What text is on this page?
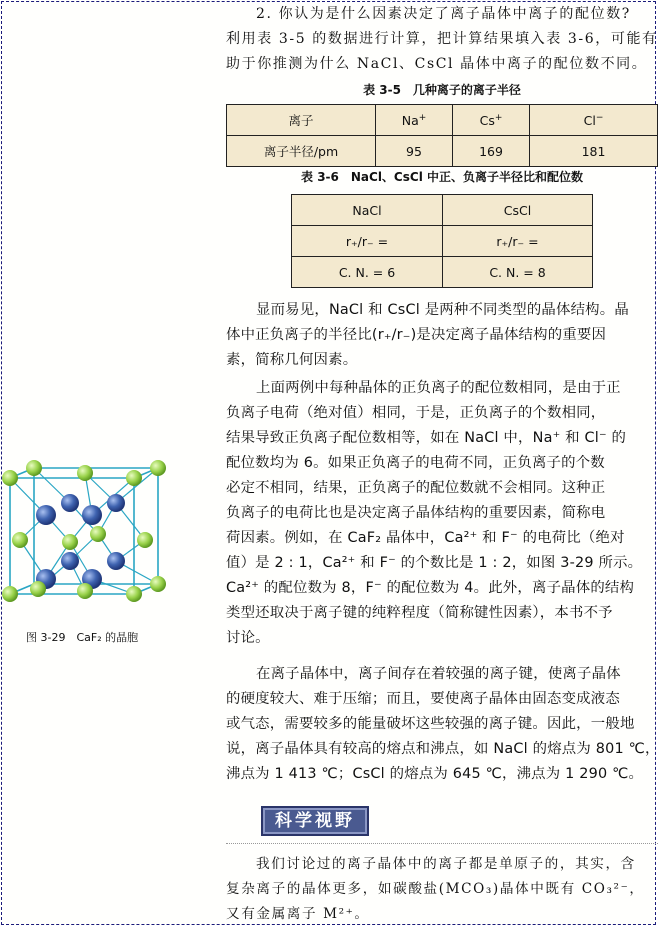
2. 你认为是什么因素决定了离子晶体中离子的配位数?
利用表 3-5 的数据进行计算，把计算结果填入表 3-6，可能有
助于你推测为什么 NaCl、CsCl 晶体中离子的配位数不同。
表 3-5　几种离子的离子半径
离子	Na+	Cs+	Cl−
离子半径/pm	95	169	181
表 3-6　NaCl、CsCl 中正、负离子半径比和配位数
NaCl	CsCl
r₊/r₋ =	r₊/r₋ =
C. N. = 6	C. N. = 8
显而易见，NaCl 和 CsCl 是两种不同类型的晶体结构。晶
体中正负离子的半径比(r₊/r₋)是决定离子晶体结构的重要因
素，简称几何因素。
上面两例中每种晶体的正负离子的配位数相同，是由于正
负离子电荷（绝对值）相同，于是，正负离子的个数相同，
结果导致正负离子配位数相等，如在 NaCl 中，Na⁺ 和 Cl⁻ 的
配位数均为 6。如果正负离子的电荷不同，正负离子的个数
必定不相同，结果，正负离子的配位数就不会相同。这种正
负离子的电荷比也是决定离子晶体结构的重要因素，简称电
荷因素。例如，在 CaF₂ 晶体中，Ca²⁺ 和 F⁻ 的电荷比（绝对
值）是 2 : 1，Ca²⁺ 和 F⁻ 的个数比是 1 : 2，如图 3-29 所示。
Ca²⁺ 的配位数为 8，F⁻ 的配位数为 4。此外，离子晶体的结构
类型还取决于离子键的纯粹程度（简称键性因素），本书不予
讨论。
在离子晶体中，离子间存在着较强的离子键，使离子晶体
的硬度较大、难于压缩；而且，要使离子晶体由固态变成液态
或气态，需要较多的能量破坏这些较强的离子键。因此，一般地
说，离子晶体具有较高的熔点和沸点，如 NaCl 的熔点为 801 ℃，
沸点为 1 413 ℃；CsCl 的熔点为 645 ℃，沸点为 1 290 ℃。
图 3-29　CaF₂ 的晶胞
科学视野
我们讨论过的离子晶体中的离子都是单原子的，其实，含
复杂离子的晶体更多，如碳酸盐(MCO₃)晶体中既有 CO₃²⁻，
又有金属离子 M²⁺。
